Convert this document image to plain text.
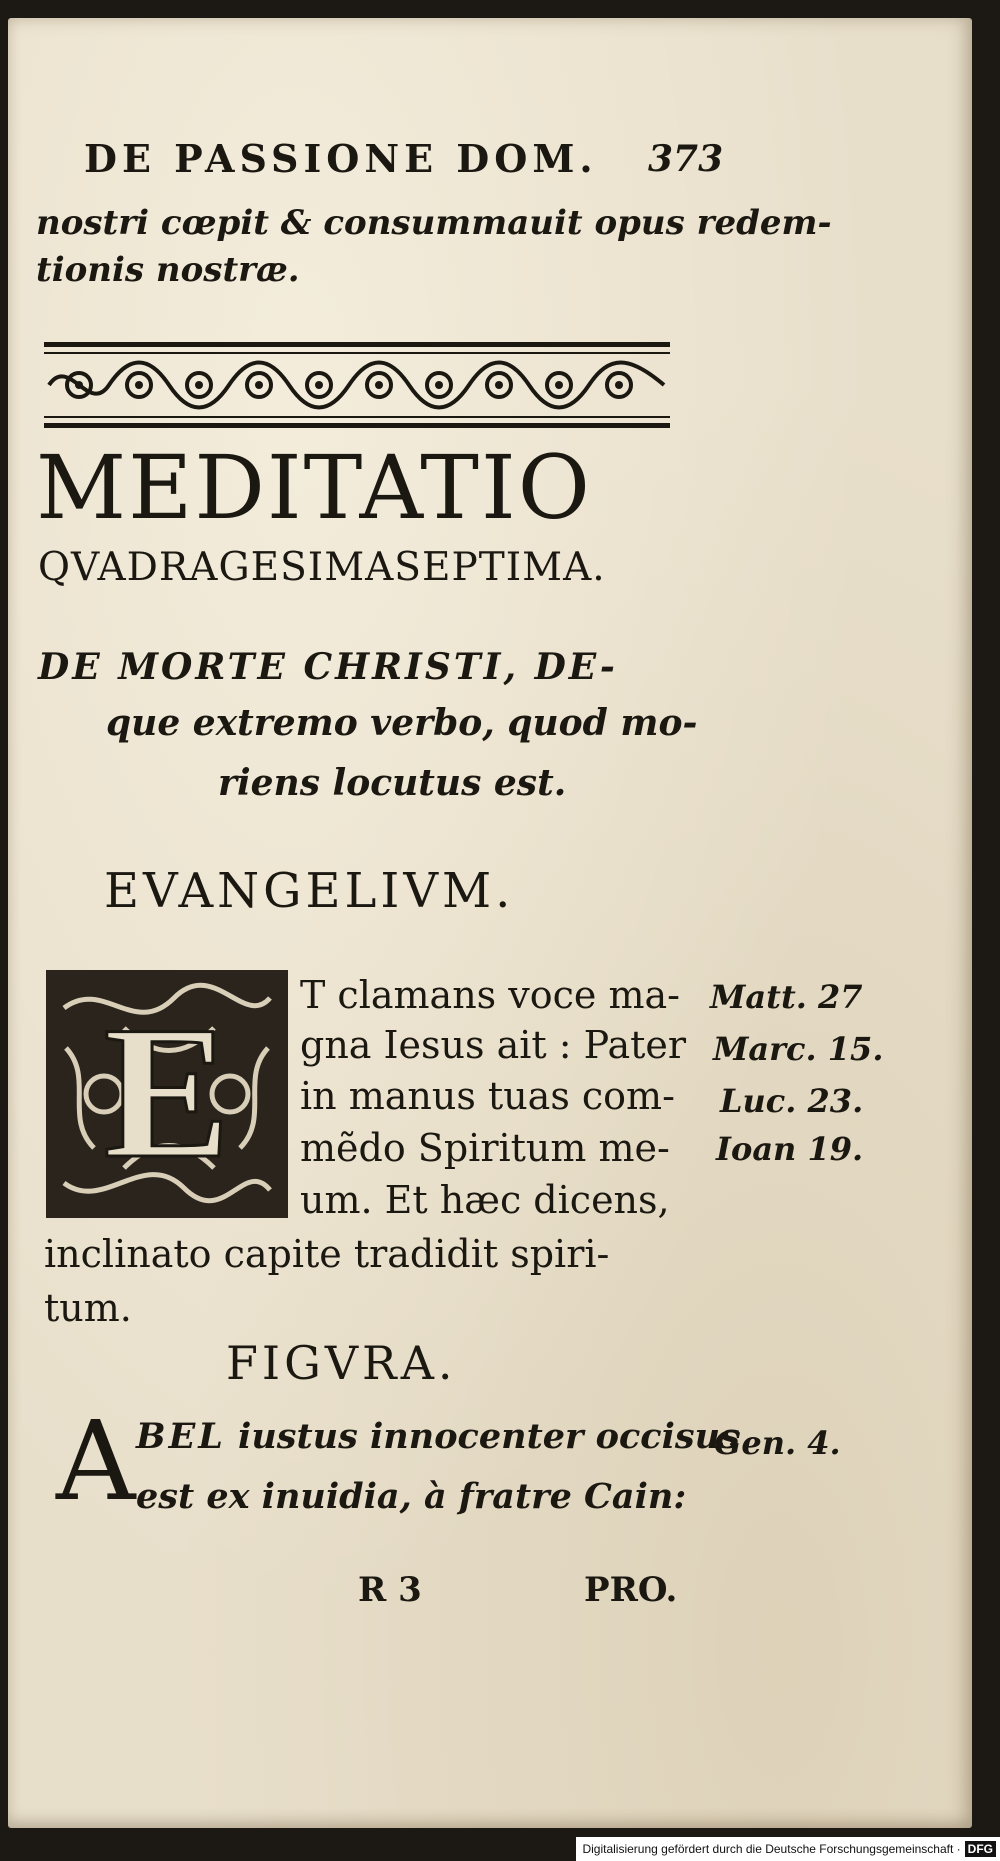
DE PASSIONE DOM. 373
nostri cœpit & consummauit opus redem-
tionis nostræ.
MEDITATIO
QVADRAGESIMASEPTIMA.
DE MORTE CHRISTI, DE-
que extremo verbo, quod mo-
riens locutus est.
EVANGELIVM.
E T clamans voce ma-
gna Iesus ait : Pater
in manus tuas com-
mẽdo Spiritum me-
um. Et hæc dicens,
inclinato capite tradidit spiri-
tum.
Matt. 27
Marc. 15.
Luc. 23.
Ioan 19.
FIGVRA.
A BEL iustus innocenter occisus
est ex inuidia, à fratre Cain:
Gen. 4.
R 3	PRO.
Digitalisierung gefördert durch die Deutsche Forschungsgemeinschaft · DFG
